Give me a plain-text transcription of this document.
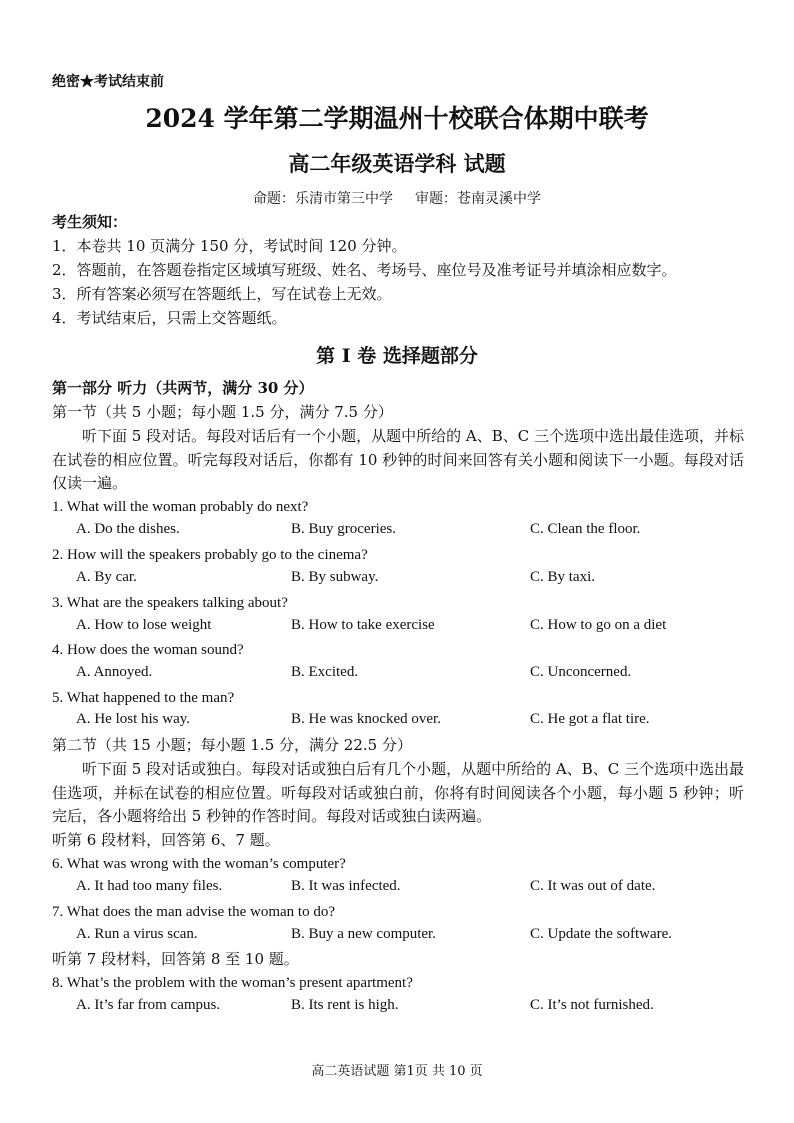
绝密★考试结束前
2024 学年第二学期温州十校联合体期中联考
高二年级英语学科 试题
命题：乐清市第三中学 审题：苍南灵溪中学
考生须知：
1．本卷共 10 页满分 150 分，考试时间 120 分钟。
2．答题前，在答题卷指定区域填写班级、姓名、考场号、座位号及准考证号并填涂相应数字。
3．所有答案必须写在答题纸上，写在试卷上无效。
4．考试结束后，只需上交答题纸。
第 I 卷 选择题部分
第一部分 听力（共两节，满分 30 分）
第一节（共 5 小题；每小题 1.5 分，满分 7.5 分）
听下面 5 段对话。每段对话后有一个小题，从题中所给的 A、B、C 三个选项中选出最佳选项，并标在试卷的相应位置。听完每段对话后，你都有 10 秒钟的时间来回答有关小题和阅读下一小题。每段对话仅读一遍。
1. What will the woman probably do next?
A. Do the dishes.	B. Buy groceries.	C. Clean the floor.
2. How will the speakers probably go to the cinema?
A. By car.	B. By subway.	C. By taxi.
3. What are the speakers talking about?
A. How to lose weight	B. How to take exercise	C. How to go on a diet
4. How does the woman sound?
A. Annoyed.	B. Excited.	C. Unconcerned.
5. What happened to the man?
A. He lost his way.	B. He was knocked over.	C. He got a flat tire.
第二节（共 15 小题；每小题 1.5 分，满分 22.5 分）
听下面 5 段对话或独白。每段对话或独白后有几个小题，从题中所给的 A、B、C 三个选项中选出最佳选项，并标在试卷的相应位置。听每段对话或独白前，你将有时间阅读各个小题，每小题 5 秒钟；听完后，各小题将给出 5 秒钟的作答时间。每段对话或独白读两遍。
听第 6 段材料，回答第 6、7 题。
6. What was wrong with the woman’s computer?
A. It had too many files.	B. It was infected.	C. It was out of date.
7. What does the man advise the woman to do?
A. Run a virus scan.	B. Buy a new computer.	C. Update the software.
听第 7 段材料，回答第 8 至 10 题。
8. What’s the problem with the woman’s present apartment?
A. It’s far from campus.	B. Its rent is high.	C. It’s not furnished.
高二英语试题 第1页 共 10 页
